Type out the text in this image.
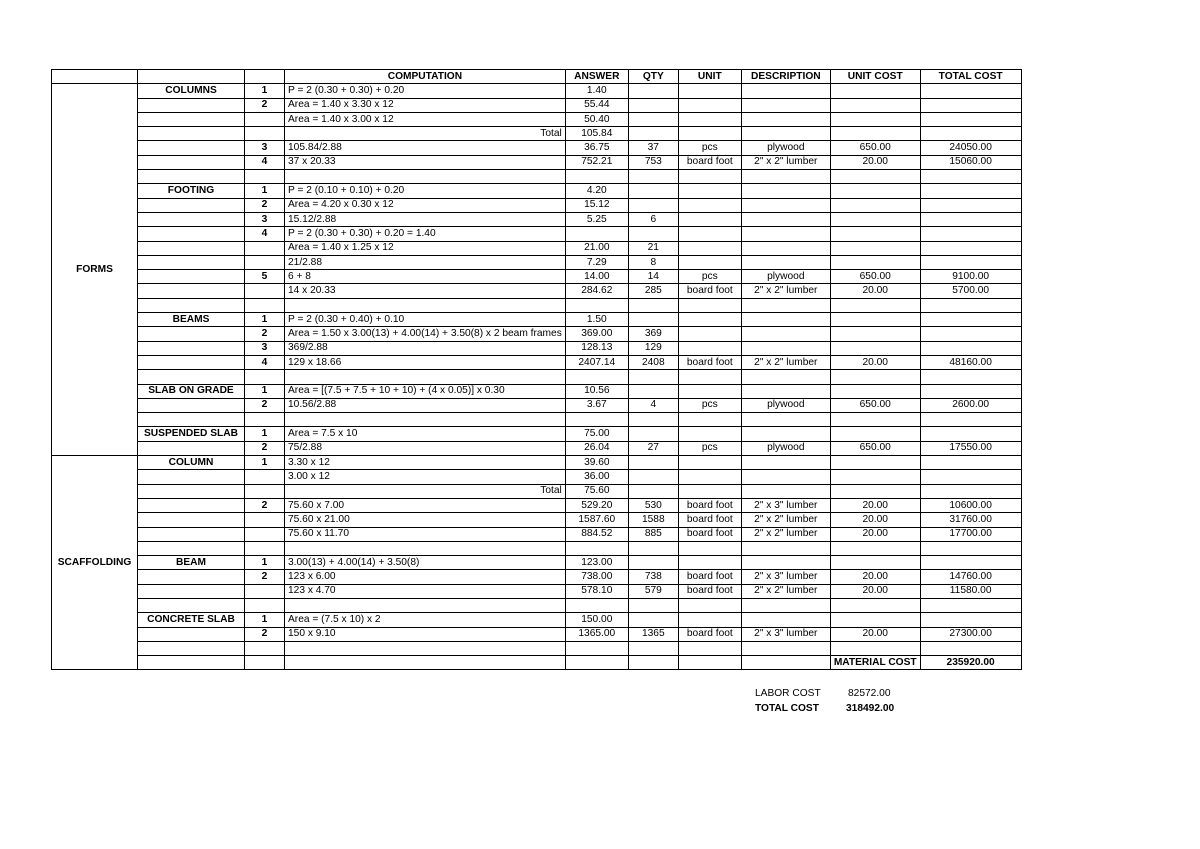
			COMPUTATION	ANSWER	QTY	UNIT	DESCRIPTION	UNIT COST	TOTAL COST
FORMS	COLUMNS	1	P = 2 (0.30 + 0.30) + 0.20	1.40					
		2	Area = 1.40 x 3.30 x 12	55.44					
			Area = 1.40 x 3.00 x 12	50.40					
			Total	105.84					
		3	105.84/2.88	36.75	37	pcs	plywood	650.00	24050.00
		4	37 x 20.33	752.21	753	board foot	2" x 2" lumber	20.00	15060.00

	FOOTING	1	P = 2 (0.10 + 0.10) + 0.20	4.20					
		2	Area = 4.20 x 0.30 x 12	15.12					
		3	15.12/2.88	5.25	6				
		4	P = 2 (0.30 + 0.30) + 0.20 = 1.40						
			Area = 1.40 x 1.25 x 12	21.00	21				
			21/2.88	7.29	8				
		5	6 + 8	14.00	14	pcs	plywood	650.00	9100.00
			14 x 20.33	284.62	285	board foot	2" x 2" lumber	20.00	5700.00

	BEAMS	1	P = 2 (0.30 + 0.40) + 0.10	1.50					
		2	Area = 1.50 x 3.00(13) + 4.00(14) + 3.50(8) x 2 beam frames	369.00	369				
		3	369/2.88	128.13	129				
		4	129 x 18.66	2407.14	2408	board foot	2" x 2" lumber	20.00	48160.00

	SLAB ON GRADE	1	Area = [(7.5 + 7.5 + 10 + 10) + (4 x 0.05)] x 0.30	10.56					
		2	10.56/2.88	3.67	4	pcs	plywood	650.00	2600.00

	SUSPENDED SLAB	1	Area = 7.5 x 10	75.00					
		2	75/2.88	26.04	27	pcs	plywood	650.00	17550.00
SCAFFOLDING	COLUMN	1	3.30 x 12	39.60					
			3.00 x 12	36.00					
			Total	75.60					
		2	75.60 x 7.00	529.20	530	board foot	2" x 3" lumber	20.00	10600.00
			75.60 x 21.00	1587.60	1588	board foot	2" x 2" lumber	20.00	31760.00
			75.60 x 11.70	884.52	885	board foot	2" x 2" lumber	20.00	17700.00

	BEAM	1	3.00(13) + 4.00(14) + 3.50(8)	123.00					
		2	123 x 6.00	738.00	738	board foot	2" x 3" lumber	20.00	14760.00
			123 x 4.70	578.10	579	board foot	2" x 2" lumber	20.00	11580.00

	CONCRETE SLAB	1	Area = (7.5 x 10) x 2	150.00					
		2	150 x 9.10	1365.00	1365	board foot	2" x 3" lumber	20.00	27300.00

								MATERIAL COST	235920.00
LABOR COST	82572.00
TOTAL COST	318492.00
